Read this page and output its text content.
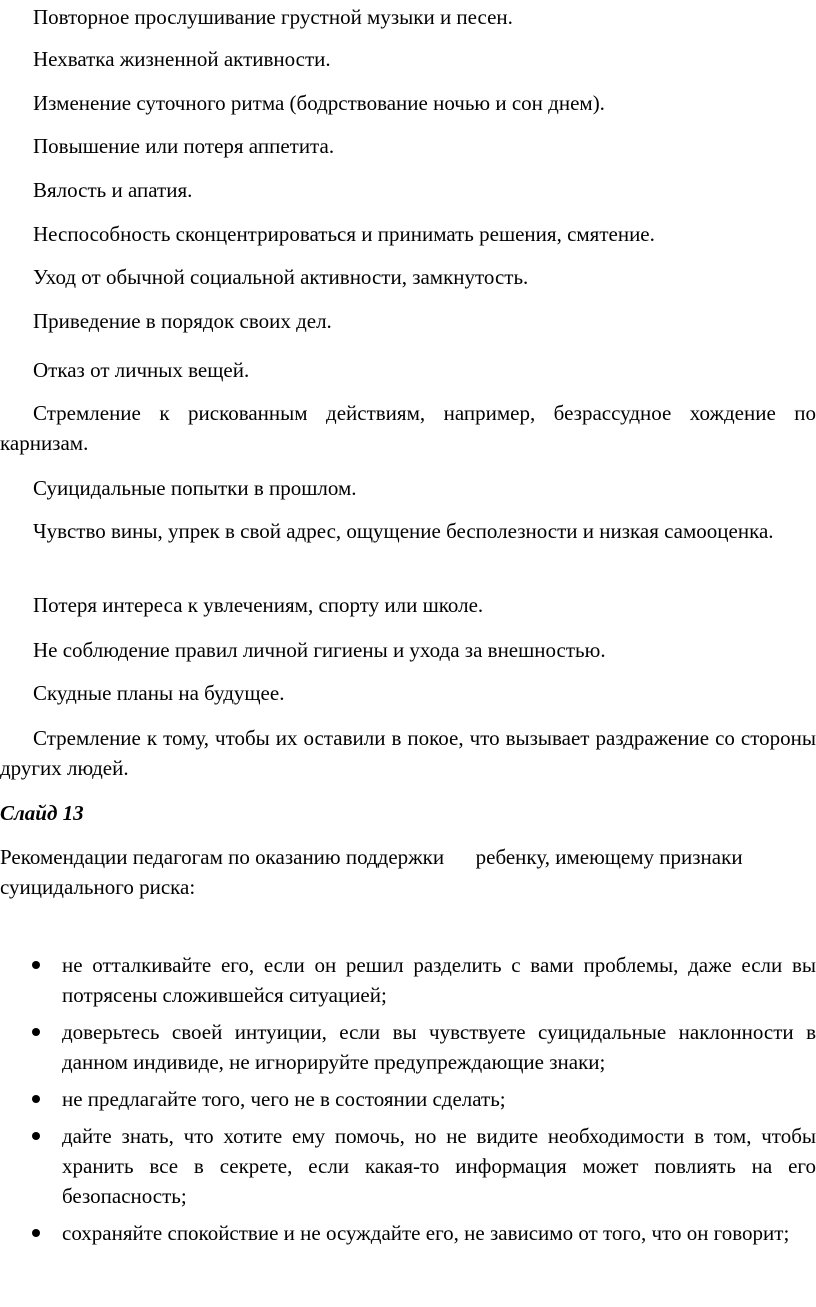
Повторное прослушивание грустной музыки и песен.

Нехватка жизненной активности.

Изменение суточного ритма (бодрствование ночью и сон днем).

Повышение или потеря аппетита.

Вялость и апатия.

Неспособность сконцентрироваться и принимать решения, смятение.

Уход от обычной социальной активности, замкнутость.

Приведение в порядок своих дел.

Отказ от личных вещей.

Стремление к рискованным действиям, например, безрассудное хождение по карнизам.

Суицидальные попытки в прошлом.

Чувство вины, упрек в свой адрес, ощущение бесполезности и низкая самооценка.

Потеря интереса к увлечениям, спорту или школе.

Не соблюдение правил личной гигиены и ухода за внешностью.

Скудные планы на будущее.

Стремление к тому, чтобы их оставили в покое, что вызывает раздражение со стороны других людей.

Слайд 13

Рекомендации педагогам по оказанию поддержки      ребенку, имеющему признаки суицидального риска:

не отталкивайте его, если он решил разделить с вами проблемы, даже если вы потрясены сложившейся ситуацией;
доверьтесь своей интуиции, если вы чувствуете суицидальные наклонности в данном индивиде, не игнорируйте предупреждающие знаки;
не предлагайте того, чего не в состоянии сделать;
дайте знать, что хотите ему помочь, но не видите необходимости в том, чтобы хранить все в секрете, если какая-то информация может повлиять на его безопасность;
сохраняйте спокойствие и не осуждайте его, не зависимо от того, что он говорит;
